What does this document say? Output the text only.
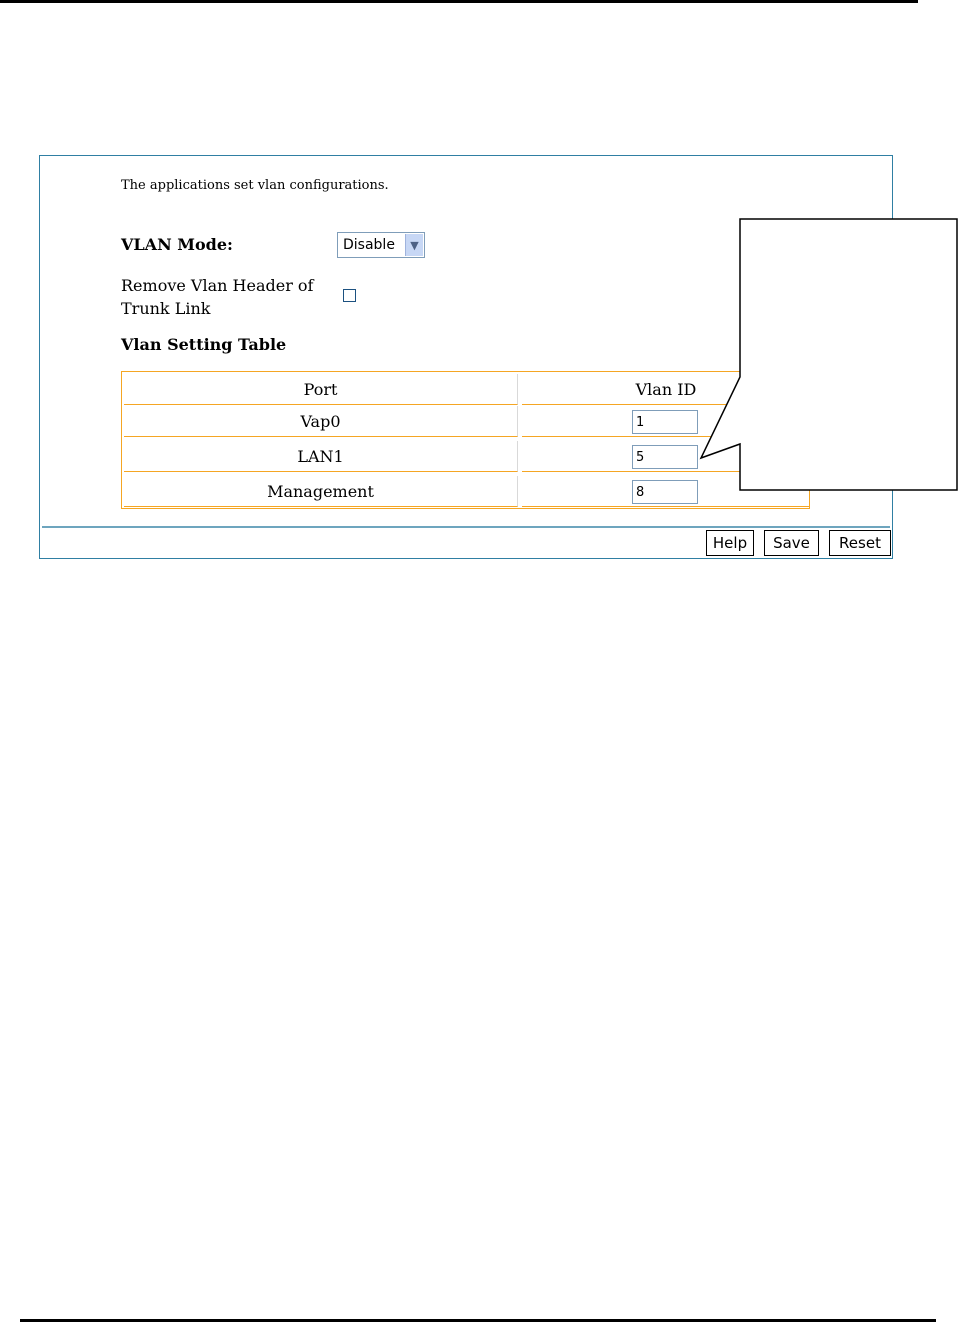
The applications set vlan configurations.
VLAN Mode:	Disable	▼
Remove Vlan Header of Trunk Link
Vlan Setting Table
Port	Vlan ID
Vap0	1
LAN1	5
Management	8
Help	Save	Reset
